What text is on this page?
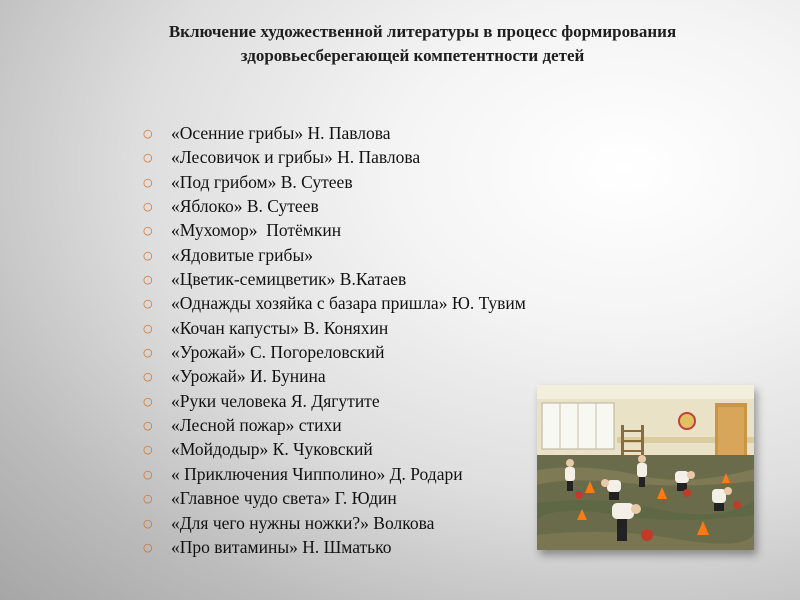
Включение художественной литературы в процесс формирования
здоровьесберегающей компетентности детей
○ «Осенние грибы» Н. Павлова
○ «Лесовичок и грибы» Н. Павлова
○ «Под грибом» В. Сутеев
○ «Яблоко» В. Сутеев
○ «Мухомор»  Потёмкин
○ «Ядовитые грибы»
○ «Цветик-семицветик» В.Катаев
○ «Однажды хозяйка с базара пришла» Ю. Тувим
○ «Кочан капусты» В. Коняхин
○ «Урожай» С. Погореловский
○ «Урожай» И. Бунина
○ «Руки человека Я. Дягутите
○ «Лесной пожар» стихи
○ «Мойдодыр» К. Чуковский
○ « Приключения Чипполино» Д. Родари
○ «Главное чудо света» Г. Юдин
○ «Для чего нужны ножки?» Волкова
○ «Про витамины» Н. Шматько
